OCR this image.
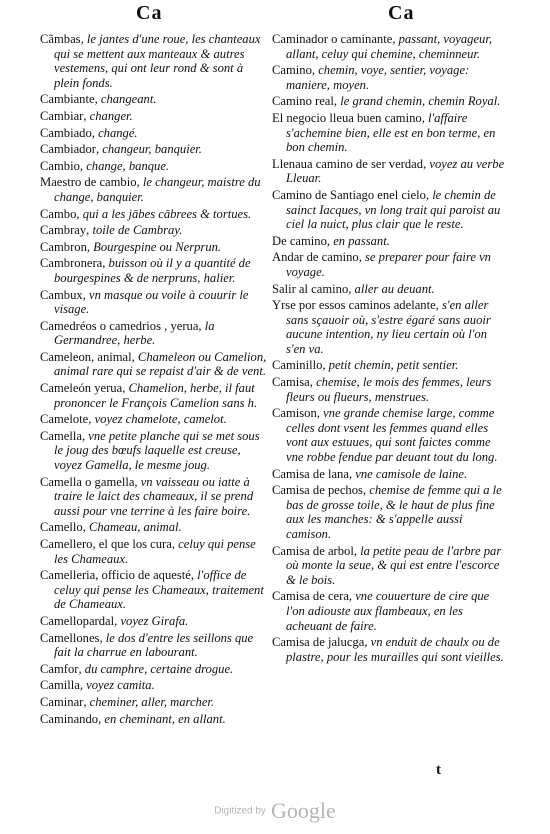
Ca	Ca
Cãmbas, le jantes d'une roue, les chanteaux qui se mettent aux manteaux & autres vestemens, qui ont leur rond & sont à plein fonds.
Cambiante, changeant.
Cambiar, changer.
Cambiado, changé.
Cambiador, changeur, banquier.
Cambio, change, banque.
Maestro de cambio, le changeur, maistre du change, banquier.
Cambo, qui a les jābes cābrees & tortues.
Cambray, toile de Cambray.
Cambron, Bourgespine ou Nerprun.
Cambronera, buisson où il y a quantité de bourgespines & de nerpruns, halier.
Cambux, vn masque ou voile à couurir le visage.
Camedréos o camedrios , yerua, la Germandree, herbe.
Cameleon, animal, Chameleon ou Camelion, animal rare qui se repaist d'air & de vent.
Cameleón yerua, Chamelion, herbe, il faut prononcer le François Camelion sans h.
Camelote, voyez chamelote, camelot.
Camella, vne petite planche qui se met sous le joug des bœufs laquelle est creuse, voyez Gamella, le mesme joug.
Camella o gamella, vn vaisseau ou iatte à traire le laict des chameaux, il se prend aussi pour vne terrine à les faire boire.
Camello, Chameau, animal.
Camellero, el que los cura, celuy qui pense les Chameaux.
Camelleria, officio de aquesté, l'office de celuy qui pense les Chameaux, traitement de Chameaux.
Camellopardal, voyez Girafa.
Camellones, le dos d'entre les seillons que fait la charrue en labourant.
Camfor, du camphre, certaine drogue.
Camilla, voyez camita.
Caminar, cheminer, aller, marcher.
Caminando, en cheminant, en allant.
Caminador o caminante, passant, voyageur, allant, celuy qui chemine, cheminneur.
Camino, chemin, voye, sentier, voyage: maniere, moyen.
Camino real, le grand chemin, chemin Royal.
El negocio lleua buen camino, l'affaire s'achemine bien, elle est en bon terme, en bon chemin.
Llenaua camino de ser verdad, voyez au verbe Lleuar.
Camino de Santiago enel cielo, le chemin de sainct Iacques, vn long trait qui paroist au ciel la nuict, plus clair que le reste.
De camino, en passant.
Andar de camino, se preparer pour faire vn voyage.
Salir al camino, aller au deuant.
Yrse por essos caminos adelante, s'en aller sans sçauoir où, s'estre égaré sans auoir aucune intention, ny lieu certain où l'on s'en va.
Caminillo, petit chemin, petit sentier.
Camisa, chemise, le mois des femmes, leurs fleurs ou flueurs, menstrues.
Camison, vne grande chemise large, comme celles dont vsent les femmes quand elles vont aux estuues, qui sont faictes comme vne robbe fendue par deuant tout du long.
Camisa de lana, vne camisole de laine.
Camisa de pechos, chemise de femme qui a le bas de grosse toile, & le haut de plus fine aux les manches: & s'appelle aussi camison.
Camisa de arbol, la petite peau de l'arbre par où monte la seue, & qui est entre l'escorce & le bois.
Camisa de cera, vne couuerture de cire que l'on adiouste aux flambeaux, en les acheuant de faire.
Camisa de jalucga, vn enduit de chaulx ou de plastre, pour les murailles qui sont vieilles.
t
Digitized by Google
